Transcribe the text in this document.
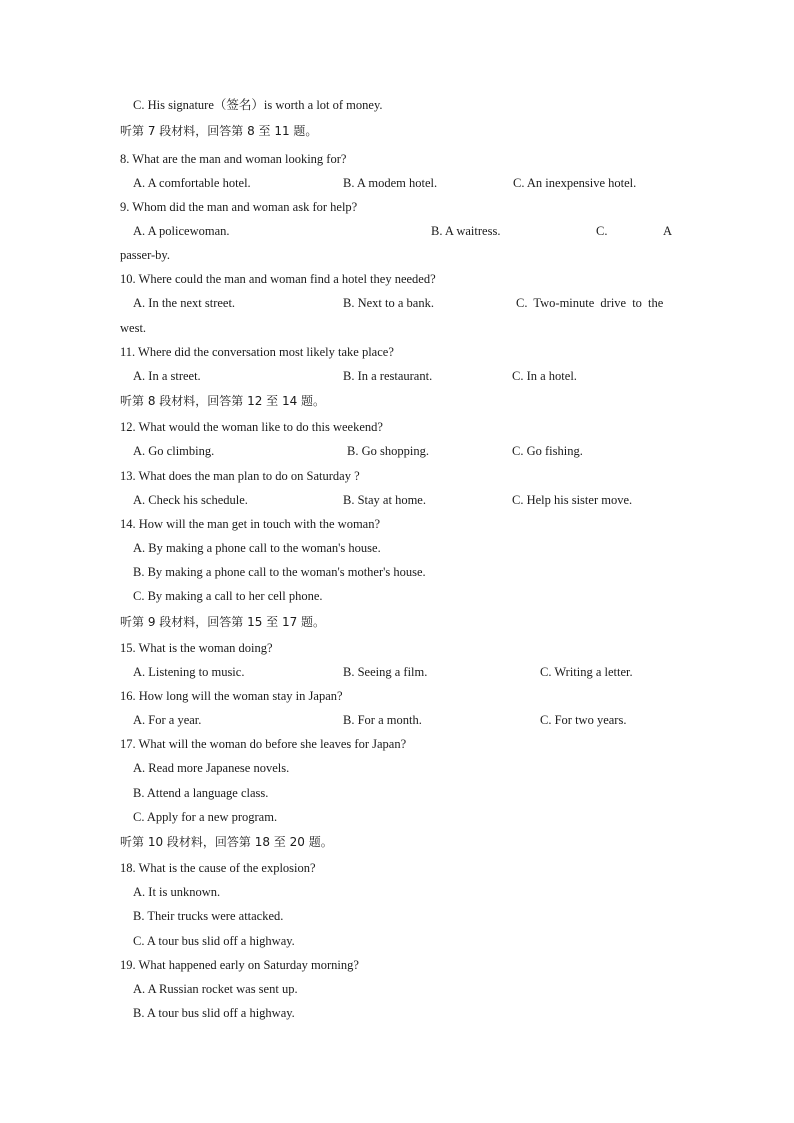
C. His signature（签名）is worth a lot of money.
听第 7 段材料，回答第 8 至 11 题。
8. What are the man and woman looking for?
A. A comfortable hotel.	B. A modem hotel.	C. An inexpensive hotel.
9. Whom did the man and woman ask for help?
A. A policewoman.	B. A waitress.	C.	A
passer-by.
10. Where could the man and woman find a hotel they needed?
A. In the next street.	B. Next to a bank.	C. Two-minute drive to the
west.
11. Where did the conversation most likely take place?
A. In a street.	B. In a restaurant.	C. In a hotel.
听第 8 段材料，回答第 12 至 14 题。
12. What would the woman like to do this weekend?
A. Go climbing.	B. Go shopping.	C. Go fishing.
13. What does the man plan to do on Saturday ?
A. Check his schedule.	B. Stay at home.	C. Help his sister move.
14. How will the man get in touch with the woman?
A. By making a phone call to the woman's house.
B. By making a phone call to the woman's mother's house.
C. By making a call to her cell phone.
听第 9 段材料，回答第 15 至 17 题。
15. What is the woman doing?
A. Listening to music.	B. Seeing a film.	C. Writing a letter.
16. How long will the woman stay in Japan?
A. For a year.	B. For a month.	C. For two years.
17. What will the woman do before she leaves for Japan?
A. Read more Japanese novels.
B. Attend a language class.
C. Apply for a new program.
听第 10 段材料，回答第 18 至 20 题。
18. What is the cause of the explosion?
A. It is unknown.
B. Their trucks were attacked.
C. A tour bus slid off a highway.
19. What happened early on Saturday morning?
A. A Russian rocket was sent up.
B. A tour bus slid off a highway.
